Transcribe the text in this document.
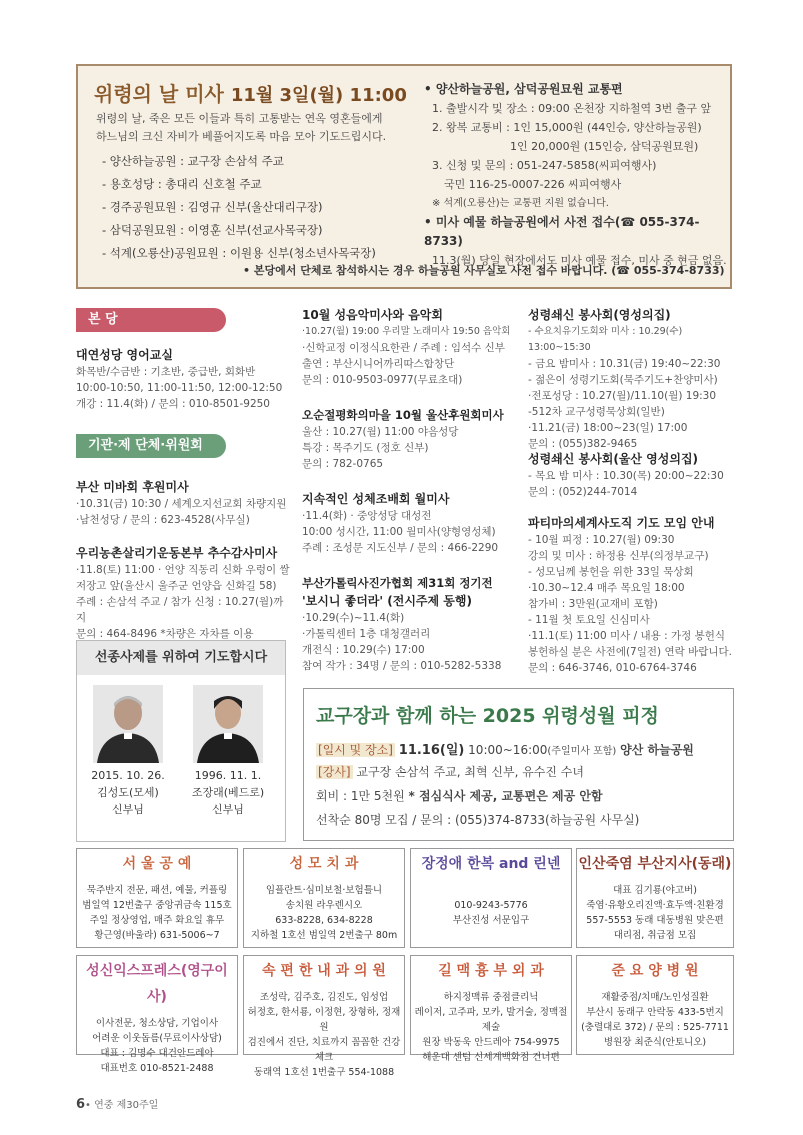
위령의 날 미사 11월 3일(월) 11:00
위령의 날, 죽은 모든 이들과 특히 고통받는 연옥 영혼들에게
하느님의 크신 자비가 베풀어지도록 마음 모아 기도드립시다.
- 양산하늘공원 : 교구장 손삼석 주교
- 용호성당 : 총대리 신호철 주교
- 경주공원묘원 : 김영규 신부(울산대리구장)
- 삼덕공원묘원 : 이영훈 신부(선교사목국장)
- 석계(오룡산)공원묘원 : 이원용 신부(청소년사목국장)
• 양산하늘공원, 삼덕공원묘원 교통편
1. 출발시각 및 장소 : 09:00 온천장 지하철역 3번 출구 앞
2. 왕복 교통비 : 1인 15,000원 (44인승, 양산하늘공원)
1인 20,000원 (15인승, 삼덕공원묘원)
3. 신청 및 문의 : 051-247-5858(씨피여행사)
국민 116-25-0007-226 씨피여행사
※ 석계(오룡산)는 교통편 지원 없습니다.
• 미사 예물 하늘공원에서 사전 접수(☎ 055-374-8733)
11.3(월) 당일 현장에서도 미사 예물 접수, 미사 중 현금 없음.
• 본당에서 단체로 참석하시는 경우 하늘공원 사무실로 사전 접수 바랍니다. (☎ 055-374-8733)
본 당
기관·제 단체·위원회
대연성당 영어교실
화목반/수금반 : 기초반, 중급반, 회화반
10:00-10:50, 11:00-11:50, 12:00-12:50
개강 : 11.4(화) / 문의 : 010-8501-9250
부산 미바회 후원미사
·10.31(금) 10:30 / 세계오지선교회 차량지원
·남천성당 / 문의 : 623-4528(사무실)
우리농촌살리기운동본부 추수감사미사
·11.8(토) 11:00 · 언양 직동리 신화 우렁이 쌀
저장고 앞(울산시 울주군 언양읍 신화길 58)
주례 : 손삼석 주교 / 참가 신청 : 10.27(월)까지
문의 : 464-8496 *차량은 자차를 이용
10월 성음악미사와 음악회
·10.27(월) 19:00 우리말 노래미사 19:50 음악회
·신학교정 이정식요한관 / 주례 : 임석수 신부
출연 : 부산시니어까리따스합창단
문의 : 010-9503-0977(무료초대)
오순절평화의마을 10월 울산후원회미사
울산 : 10.27(월) 11:00 야음성당
특강 : 목주기도 (정호 신부)
문의 : 782-0765
지속적인 성체조배회 월미사
·11.4(화) · 중앙성당 대성전
10:00 성시간, 11:00 월미사(양형영성체)
주례 : 조성문 지도신부 / 문의 : 466-2290
부산가톨릭사진가협회 제31회 정기전
'보시니 좋더라' (전시주제 동행)
·10.29(수)~11.4(화)
·가톨릭센터 1층 대청갤러리
개전식 : 10.29(수) 17:00
참여 작가 : 34명 / 문의 : 010-5282-5338
성령쇄신 봉사회(영성의집)
- 수요치유기도회와 미사 : 10.29(수) 13:00~15:30
- 금요 밤미사 : 10.31(금) 19:40~22:30
- 젊은이 성령기도회(묵주기도+찬양미사)
·전포성당 : 10.27(월)/11.10(월) 19:30
-512차 교구성령묵상회(일반)
·11.21(금) 18:00~23(일) 17:00
문의 : (055)382-9465
성령쇄신 봉사회(울산 영성의집)
- 목요 밤 미사 : 10.30(목) 20:00~22:30
문의 : (052)244-7014
파티마의세계사도직 기도 모임 안내
- 10월 피정 : 10.27(월) 09:30
강의 및 미사 : 하정용 신부(의정부교구)
- 성모님께 봉헌을 위한 33일 묵상회
·10.30~12.4 매주 목요일 18:00
참가비 : 3만원(교재비 포함)
- 11월 첫 토요일 신심미사
·11.1(토) 11:00 미사 / 내용 : 가정 봉헌식
봉헌하실 분은 사전에(7일전) 연락 바랍니다.
문의 : 646-3746, 010-6764-3746
선종사제를 위하여 기도합시다
2015. 10. 26.
김성도(모세)
신부님
1996. 11. 1.
조장래(베드로)
신부님
교구장과 함께 하는 2025 위령성월 피정
[일시 및 장소] 11.16(일) 10:00~16:00(주일미사 포함) 양산 하늘공원
[강사] 교구장 손삼석 주교, 최혁 신부, 유수진 수녀
회비 : 1만 5천원 * 점심식사 제공, 교통편은 제공 안함
선착순 80명 모집 / 문의 : (055)374-8733(하늘공원 사무실)
서 울 공 예
묵주반지 전문, 패션, 예물, 커플링
범일역 12번출구 중앙귀금속 115호
주일 정상영업, 매주 화요일 휴무
황근영(바울라) 631-5006~7
성 모 치 과
임플란트·심미보철·보험틀니
송치원 라우렌시오
633-8228, 634-8228
지하철 1호선 범일역 2번출구 80m
장정애 한복 and 린넨
010-9243-5776
부산진성 서문입구
인산죽염 부산지사(동래)
대표 김기룡(야고버)
죽염·유황오리진액·효두액·친환경
557-5553 동래 대동병원 맞은편
대리점, 취급점 모집
성신익스프레스(영구이사)
이사전문, 청소상담, 기업이사
어려운 이웃돕름(무료이사상담)
대표 : 김명수 대건안드레아
대표번호 010-8521-2488
속 편 한 내 과 의 원
조성락, 김주호, 김진도, 임성업
허정호, 한서룡, 이정현, 장형하, 정재원
검진에서 진단, 치료까지 꼼꼼한 건강체크
동래역 1호선 1번출구 554-1088
길 맥 흉 부 외 과
하지정맥류 중점클리닉
레이저, 고주파, 모카, 발거술, 정맥절제술
원장 박동욱 안드레아 754-9975
해운대 센텀 신세계백화점 건너편
준 요 양 병 원
재활중점/치매/노인성질환
부산시 동래구 안락동 433-5번지
(충렬대로 372) / 문의 : 525-7711
병원장 최준식(안토니오)
6• 연중 제30주일
